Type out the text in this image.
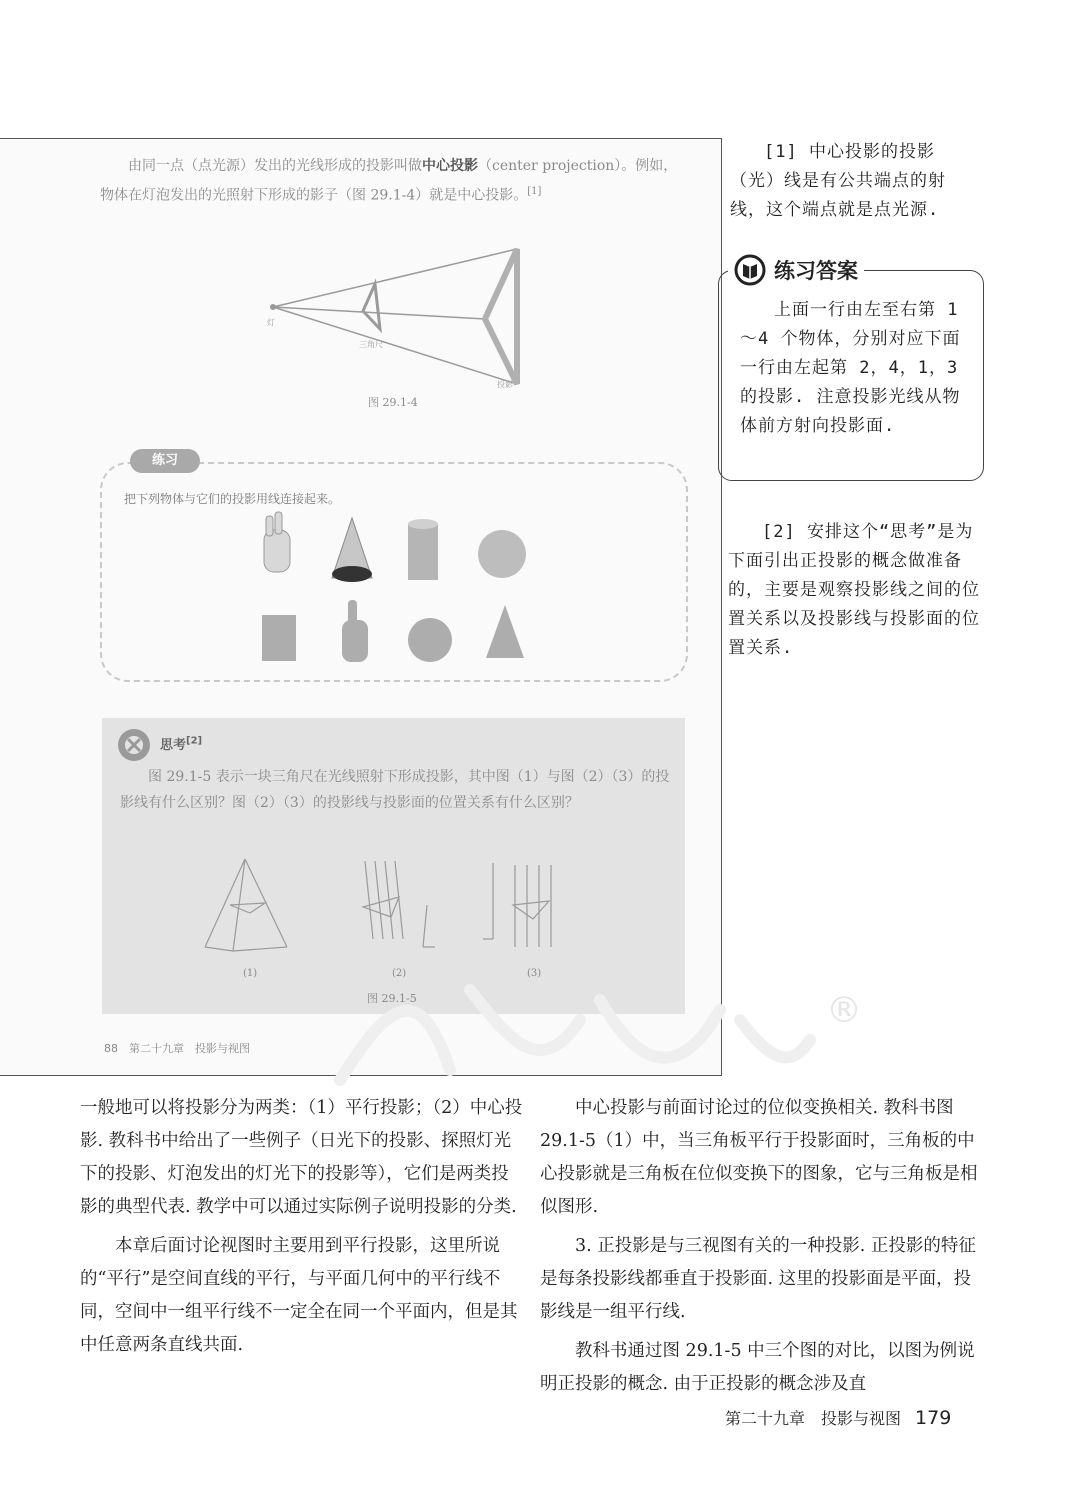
由同一点（点光源）发出的光线形成的投影叫做中心投影（center projection）。例如，物体在灯泡发出的光照射下形成的影子（图 29.1-4）就是中心投影。[1]
灯
三角尺
投影
图 29.1-4
练习
把下列物体与它们的投影用线连接起来。
思考[2]
图 29.1-5 表示一块三角尺在光线照射下形成投影，其中图（1）与图（2）（3）的投影线有什么区别？图（2）（3）的投影线与投影面的位置关系有什么区别？
(1)	(2)	(3)
图 29.1-5
88　第二十九章　投影与视图
[1] 中心投影的投影（光）线是有公共端点的射线，这个端点就是点光源.
练习答案
上面一行由左至右第 1～4 个物体，分别对应下面一行由左起第 2，4，1，3 的投影. 注意投影光线从物体前方射向投影面.
[2] 安排这个“思考”是为下面引出正投影的概念做准备的，主要是观察投影线之间的位置关系以及投影线与投影面的位置关系.
®

一般地可以将投影分为两类：（1）平行投影；（2）中心投影. 教科书中给出了一些例子（日光下的投影、探照灯光下的投影、灯泡发出的灯光下的投影等），它们是两类投影的典型代表. 教学中可以通过实际例子说明投影的分类.

本章后面讨论视图时主要用到平行投影，这里所说的“平行”是空间直线的平行，与平面几何中的平行线不同，空间中一组平行线不一定全在同一个平面内，但是其中任意两条直线共面.

中心投影与前面讨论过的位似变换相关. 教科书图 29.1-5（1）中，当三角板平行于投影面时，三角板的中心投影就是三角板在位似变换下的图象，它与三角板是相似图形.

3. 正投影是与三视图有关的一种投影. 正投影的特征是每条投影线都垂直于投影面. 这里的投影面是平面，投影线是一组平行线.

教科书通过图 29.1-5 中三个图的对比，以图为例说明正投影的概念. 由于正投影的概念涉及直

第二十九章　投影与视图 179
